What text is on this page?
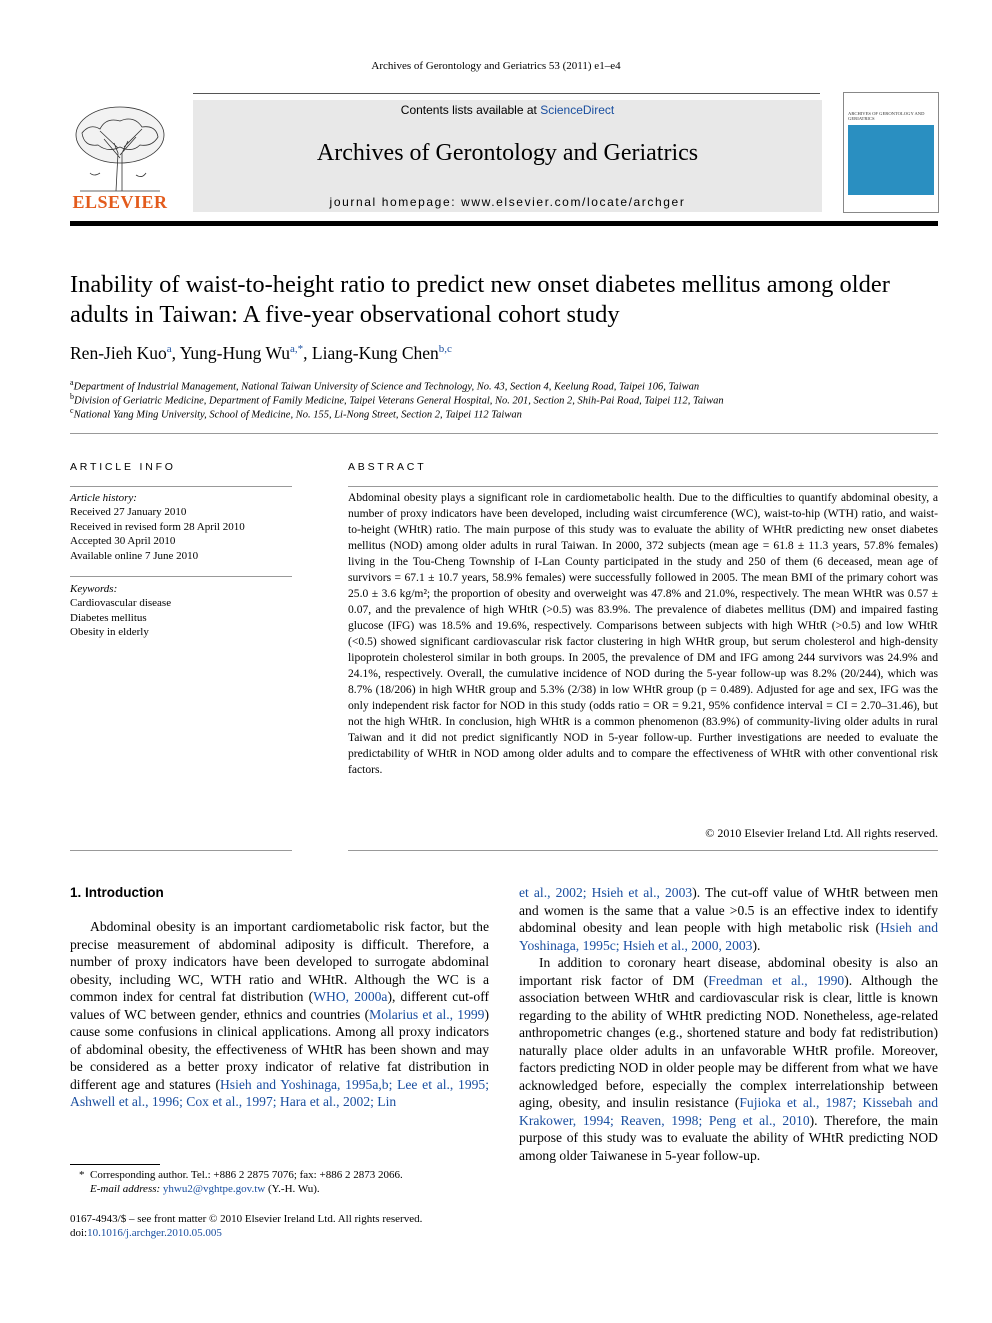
Archives of Gerontology and Geriatrics 53 (2011) e1–e4
ELSEVIER
Contents lists available at ScienceDirect
Archives of Gerontology and Geriatrics
journal homepage: www.elsevier.com/locate/archger
ARCHIVES OF GERONTOLOGY AND GERIATRICS
Inability of waist-to-height ratio to predict new onset diabetes mellitus among older adults in Taiwan: A five-year observational cohort study
Ren-Jieh Kuo$^a$, Yung-Hung $Wu^{a,*}$, Liang-Kung Chen$^{b,c}$
$^a$Department of Industrial Management, National Taiwan University of Science and Technology, No. 43, Section 4, Keelung Road, Taipei 106, Taiwan
$^b$Division of Geriatric Medicine, Department of Family Medicine, Taipei Veterans General Hospital, No. 201, Section 2, Shih-Pai Road, Taipei 112, Taiwan
$^c$National Yang Ming University, School of Medicine, No. 155, Li-Nong Street, Section 2, Taipei 112 Taiwan
ARTICLE INFO
Article history:
Received 27 January 2010
Received in revised form 28 April 2010
Accepted 30 April 2010
Available online 7 June 2010
Keywords:
Cardiovascular disease
Diabetes mellitus
Obesity in elderly
ABSTRACT
Abdominal obesity plays a significant role in cardiometabolic health. Due to the difficulties to quantify abdominal obesity, a number of proxy indicators have been developed, including waist circumference (WC), waist-to-hip (WTH) ratio, and waist-to-height (WHtR) ratio. The main purpose of this study was to evaluate the ability of WHtR predicting new onset diabetes mellitus (NOD) among older adults in rural Taiwan. In 2000, 372 subjects (mean age = 61.8 ± 11.3 years, 57.8% females) living in the Tou-Cheng Township of I-Lan County participated in the study and 250 of them (6 deceased, mean age of survivors = 67.1 ± 10.7 years, 58.9% females) were successfully followed in 2005. The mean BMI of the primary cohort was 25.0 ± 3.6 kg/m²; the proportion of obesity and overweight was 47.8% and 21.0%, respectively. The mean WHtR was 0.57 ± 0.07, and the prevalence of high WHtR (>0.5) was 83.9%. The prevalence of diabetes mellitus (DM) and impaired fasting glucose (IFG) was 18.5% and 19.6%, respectively. Comparisons between subjects with high WHtR (>0.5) and low WHtR (<0.5) showed significant cardiovascular risk factor clustering in high WHtR group, but serum cholesterol and high-density lipoprotein cholesterol similar in both groups. In 2005, the prevalence of DM and IFG among 244 survivors was 24.9% and 24.1%, respectively. Overall, the cumulative incidence of NOD during the 5-year follow-up was 8.2% (20/244), which was 8.7% (18/206) in high WHtR group and 5.3% (2/38) in low WHtR group (p = 0.489). Adjusted for age and sex, IFG was the only independent risk factor for NOD in this study (odds ratio = OR = 9.21, 95% confidence interval = CI = 2.70–31.46), but not the high WHtR. In conclusion, high WHtR is a common phenomenon (83.9%) of community-living older adults in rural Taiwan and it did not predict significantly NOD in 5-year follow-up. Further investigations are needed to evaluate the predictability of WHtR in NOD among older adults and to compare the effectiveness of WHtR with other conventional risk factors.
© 2010 Elsevier Ireland Ltd. All rights reserved.
1. Introduction

Abdominal obesity is an important cardiometabolic risk factor, but the precise measurement of abdominal adiposity is difficult. Therefore, a number of proxy indicators have been developed to surrogate abdominal obesity, including WC, WTH ratio and WHtR. Although the WC is a common index for central fat distribution (WHO, 2000a), different cut-off values of WC between gender, ethnics and countries (Molarius et al., 1999) cause some confusions in clinical applications. Among all proxy indicators of abdominal obesity, the effectiveness of WHtR has been shown and may be considered as a better proxy indicator of relative fat distribution in different age and statures (Hsieh and Yoshinaga, 1995a,b; Lee et al., 1995; Ashwell et al., 1996; Cox et al., 1997; Hara et al., 2002; Lin

et al., 2002; Hsieh et al., 2003). The cut-off value of WHtR between men and women is the same that a value >0.5 is an effective index to identify abdominal obesity and lean people with high metabolic risk (Hsieh and Yoshinaga, 1995c; Hsieh et al., 2000, 2003).

In addition to coronary heart disease, abdominal obesity is also an important risk factor of DM (Freedman et al., 1990). Although the association between WHtR and cardiovascular risk is clear, little is known regarding to the ability of WHtR predicting NOD. Nonetheless, age-related anthropometric changes (e.g., shortened stature and body fat redistribution) naturally place older adults in an unfavorable WHtR profile. Moreover, factors predicting NOD in older people may be different from what we have acknowledged before, especially the complex interrelationship between aging, obesity, and insulin resistance (Fujioka et al., 1987; Kissebah and Krakower, 1994; Reaven, 1998; Peng et al., 2010). Therefore, the main purpose of this study was to evaluate the ability of WHtR predicting NOD among older Taiwanese in 5-year follow-up.

* Corresponding author. Tel.: +886 2 2875 7076; fax: +886 2 2873 2066.
E-mail address: yhwu2@vghtpe.gov.tw (Y.-H. Wu).
0167-4943/$ – see front matter © 2010 Elsevier Ireland Ltd. All rights reserved.
doi:10.1016/j.archger.2010.05.005
